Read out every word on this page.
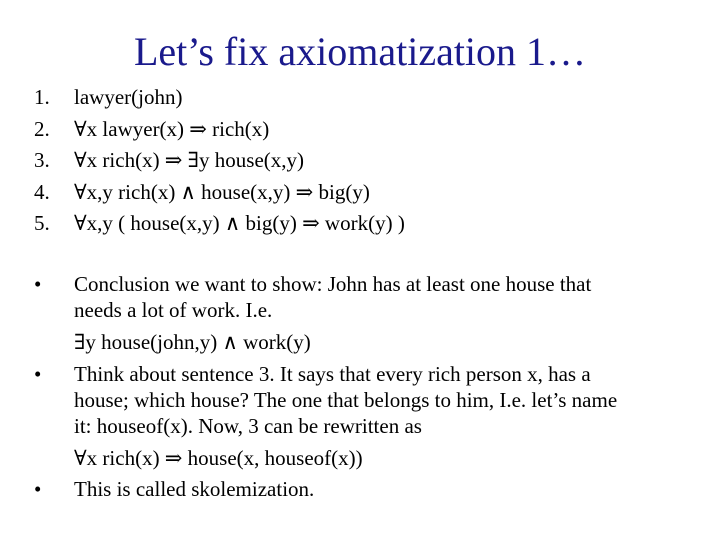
Let’s fix axiomatization 1…
1. lawyer(john)
2. ∀x lawyer(x) ⇒ rich(x)
3. ∀x rich(x) ⇒ ∃y house(x,y)
4. ∀x,y rich(x) ∧ house(x,y) ⇒ big(y)
5. ∀x,y ( house(x,y) ∧ big(y) ⇒ work(y) )
• Conclusion we want to show: John has at least one house that
needs a lot of work. I.e.
∃y house(john,y) ∧ work(y)
• Think about sentence 3. It says that every rich person x, has a
house; which house? The one that belongs to him, I.e. let’s name
it: houseof(x). Now, 3 can be rewritten as
∀x rich(x) ⇒ house(x, houseof(x))
• This is called skolemization.
